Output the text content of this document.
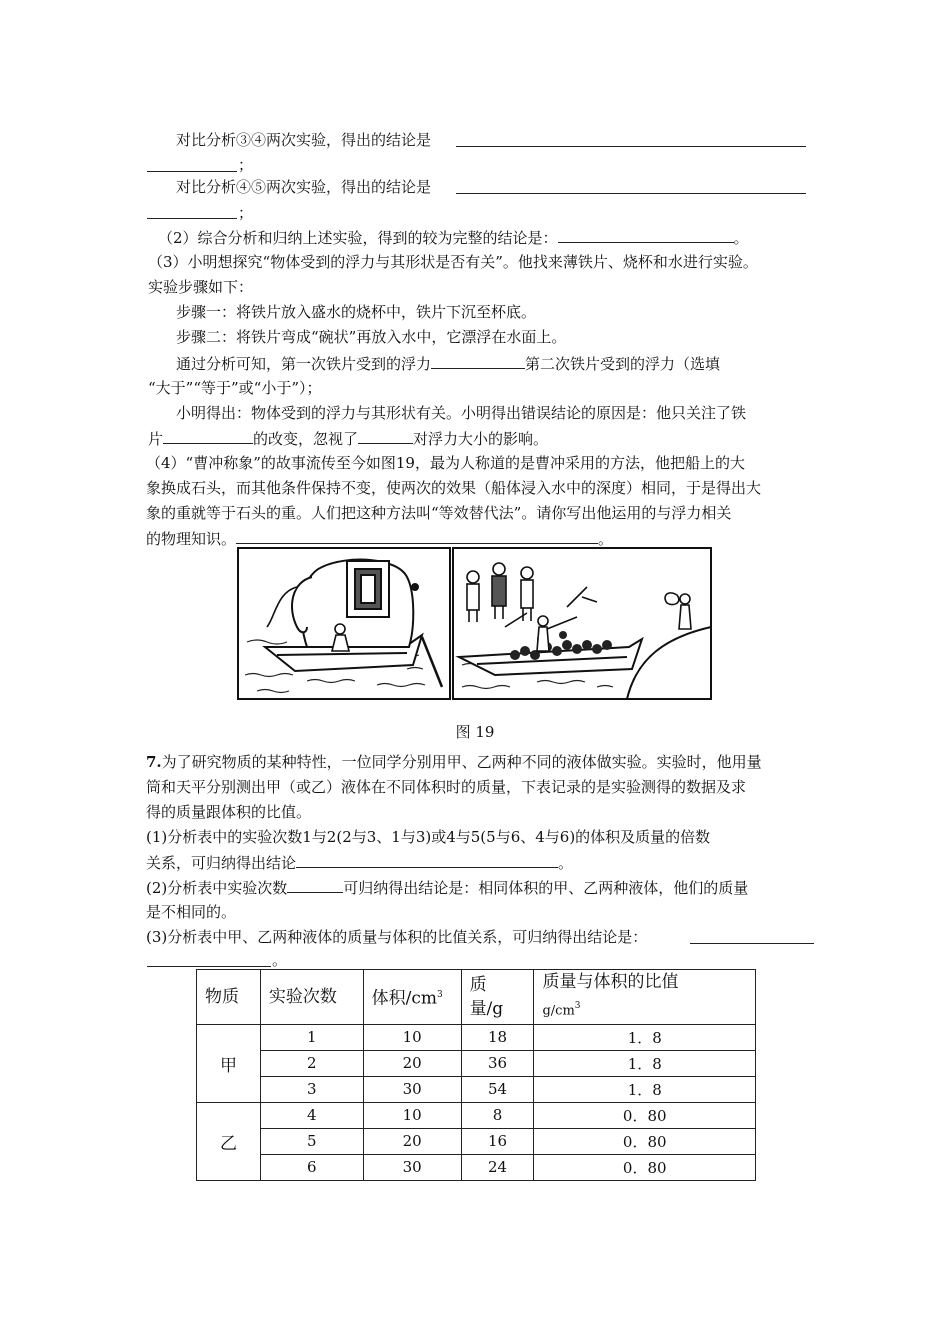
对比分析③④两次实验，得出的结论是
；
对比分析④⑤两次实验，得出的结论是
；
（2）综合分析和归纳上述实验，得到的较为完整的结论是：	。
（3）小明想探究“物体受到的浮力与其形状是否有关”。他找来薄铁片、烧杯和水进行实验。
实验步骤如下：
步骤一：将铁片放入盛水的烧杯中，铁片下沉至杯底。
步骤二：将铁片弯成“碗状”再放入水中，它漂浮在水面上。
通过分析可知，第一次铁片受到的浮力	第二次铁片受到的浮力（选填
“大于”“等于”或“小于”）；
小明得出：物体受到的浮力与其形状有关。小明得出错误结论的原因是：他只关注了铁
片	的改变，忽视了	对浮力大小的影响。
（4）“曹冲称象”的故事流传至今如图19，最为人称道的是曹冲采用的方法，他把船上的大
象换成石头，而其他条件保持不变，使两次的效果（船体浸入水中的深度）相同，于是得出大
象的重就等于石头的重。人们把这种方法叫“等效替代法”。请你写出他运用的与浮力相关
的物理知识。	。
图 19
7.为了研究物质的某种特性，一位同学分别用甲、乙两种不同的液体做实验。实验时，他用量
筒和天平分别测出甲（或乙）液体在不同体积时的质量，下表记录的是实验测得的数据及求
得的质量跟体积的比值。
(1)分析表中的实验次数1与2(2与3、1与3)或4与5(5与6、4与6)的体积及质量的倍数
关系，可归纳得出结论	。
(2)分析表中实验次数	可归纳得出结论是：相同体积的甲、乙两种液体，他们的质量
是不相同的。
(3)分析表中甲、乙两种液体的质量与体积的比值关系，可归纳得出结论是：
。
物质	实验次数	体积$/cm^3$	质
量/g	质量与体积的比值
$g/cm^3$
甲	1	10	18	1．8
	2	20	36	1．8
	3	30	54	1．8
乙	4	10	8	0．80
	5	20	16	0．80
	6	30	24	0．80
